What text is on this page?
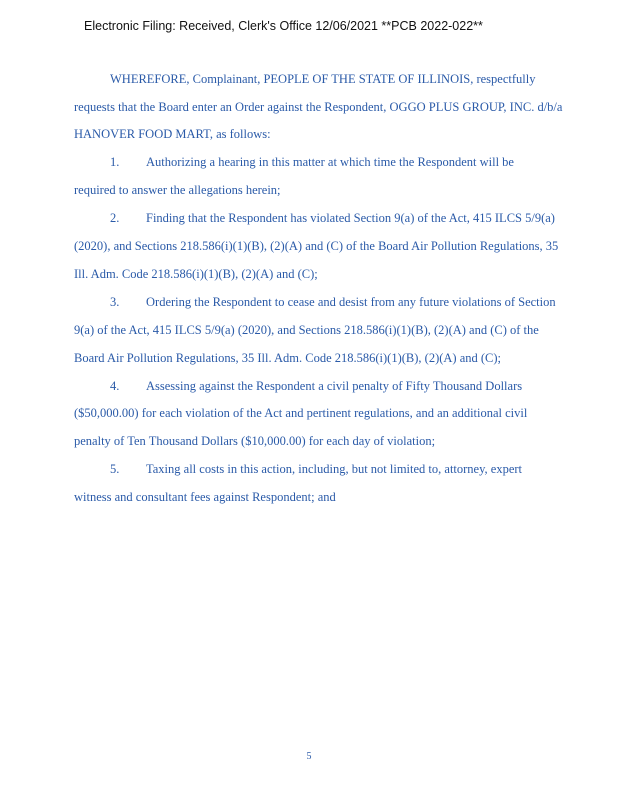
Electronic Filing: Received, Clerk's Office 12/06/2021 **PCB 2022-022**
WHEREFORE, Complainant, PEOPLE OF THE STATE OF ILLINOIS, respectfully
requests that the Board enter an Order against the Respondent, OGGO PLUS GROUP, INC. d/b/a
HANOVER FOOD MART, as follows:
1. Authorizing a hearing in this matter at which time the Respondent will be
required to answer the allegations herein;
2. Finding that the Respondent has violated Section 9(a) of the Act, 415 ILCS 5/9(a)
(2020), and Sections 218.586(i)(1)(B), (2)(A) and (C) of the Board Air Pollution Regulations, 35
Ill. Adm. Code 218.586(i)(1)(B), (2)(A) and (C);
3. Ordering the Respondent to cease and desist from any future violations of Section
9(a) of the Act, 415 ILCS 5/9(a) (2020), and Sections 218.586(i)(1)(B), (2)(A) and (C) of the
Board Air Pollution Regulations, 35 Ill. Adm. Code 218.586(i)(1)(B), (2)(A) and (C);
4. Assessing against the Respondent a civil penalty of Fifty Thousand Dollars
($50,000.00) for each violation of the Act and pertinent regulations, and an additional civil
penalty of Ten Thousand Dollars ($10,000.00) for each day of violation;
5. Taxing all costs in this action, including, but not limited to, attorney, expert
witness and consultant fees against Respondent; and
5
